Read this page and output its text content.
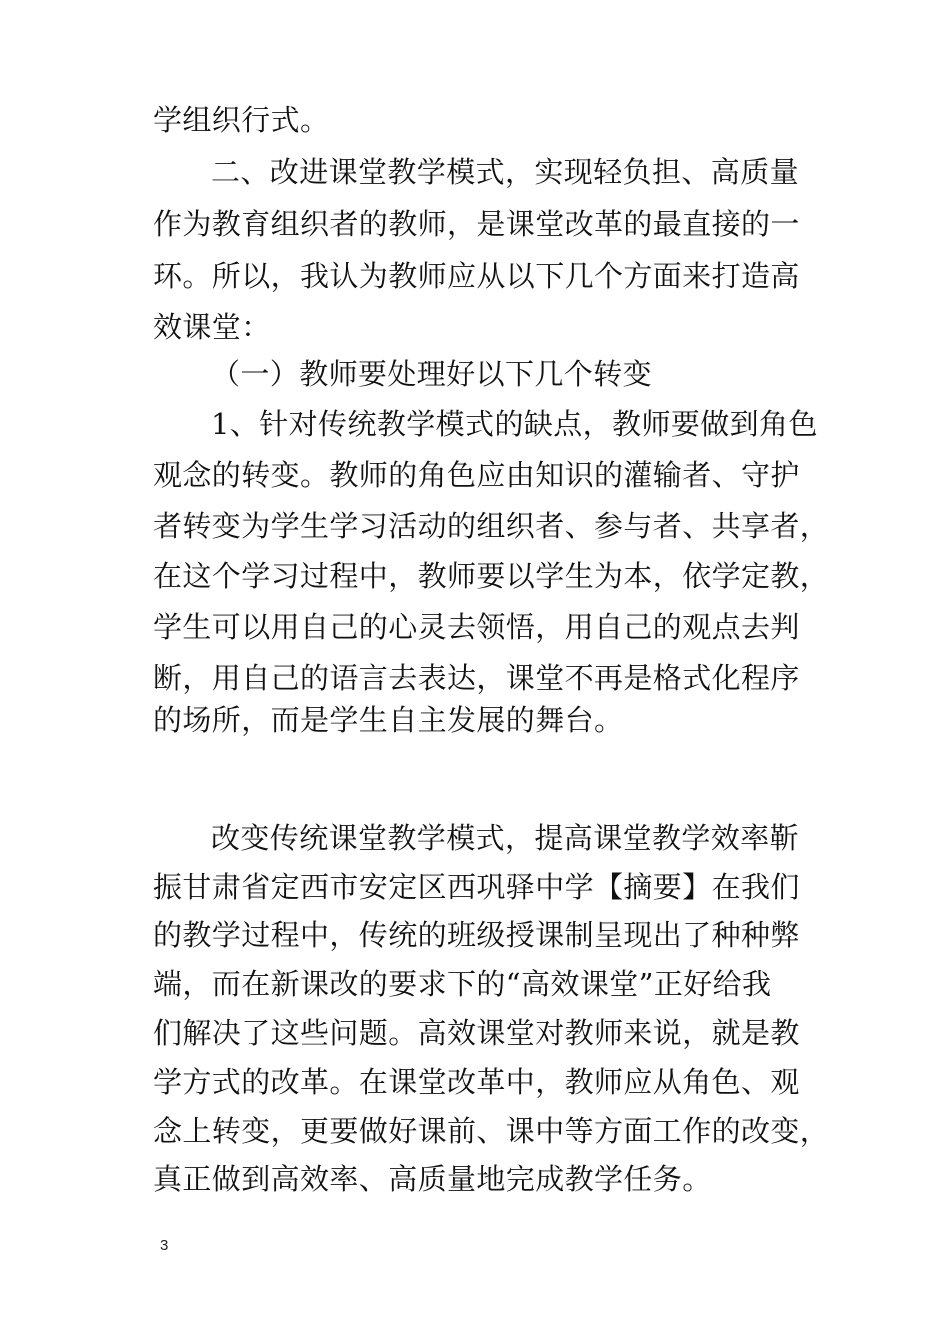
学组织行式。
二、改进课堂教学模式，实现轻负担、高质量
作为教育组织者的教师，是课堂改革的最直接的一
环。所以，我认为教师应从以下几个方面来打造高
效课堂：
（一）教师要处理好以下几个转变
1、针对传统教学模式的缺点，教师要做到角色
观念的转变。教师的角色应由知识的灌输者、守护
者转变为学生学习活动的组织者、参与者、共享者，
在这个学习过程中，教师要以学生为本，依学定教，
学生可以用自己的心灵去领悟，用自己的观点去判
断，用自己的语言去表达，课堂不再是格式化程序
的场所，而是学生自主发展的舞台。
改变传统课堂教学模式，提高课堂教学效率靳
振甘肃省定西市安定区西巩驿中学【摘要】在我们
的教学过程中，传统的班级授课制呈现出了种种弊
端，而在新课改的要求下的“高效课堂”正好给我
们解决了这些问题。高效课堂对教师来说，就是教
学方式的改革。在课堂改革中，教师应从角色、观
念上转变，更要做好课前、课中等方面工作的改变，
真正做到高效率、高质量地完成教学任务。
3
